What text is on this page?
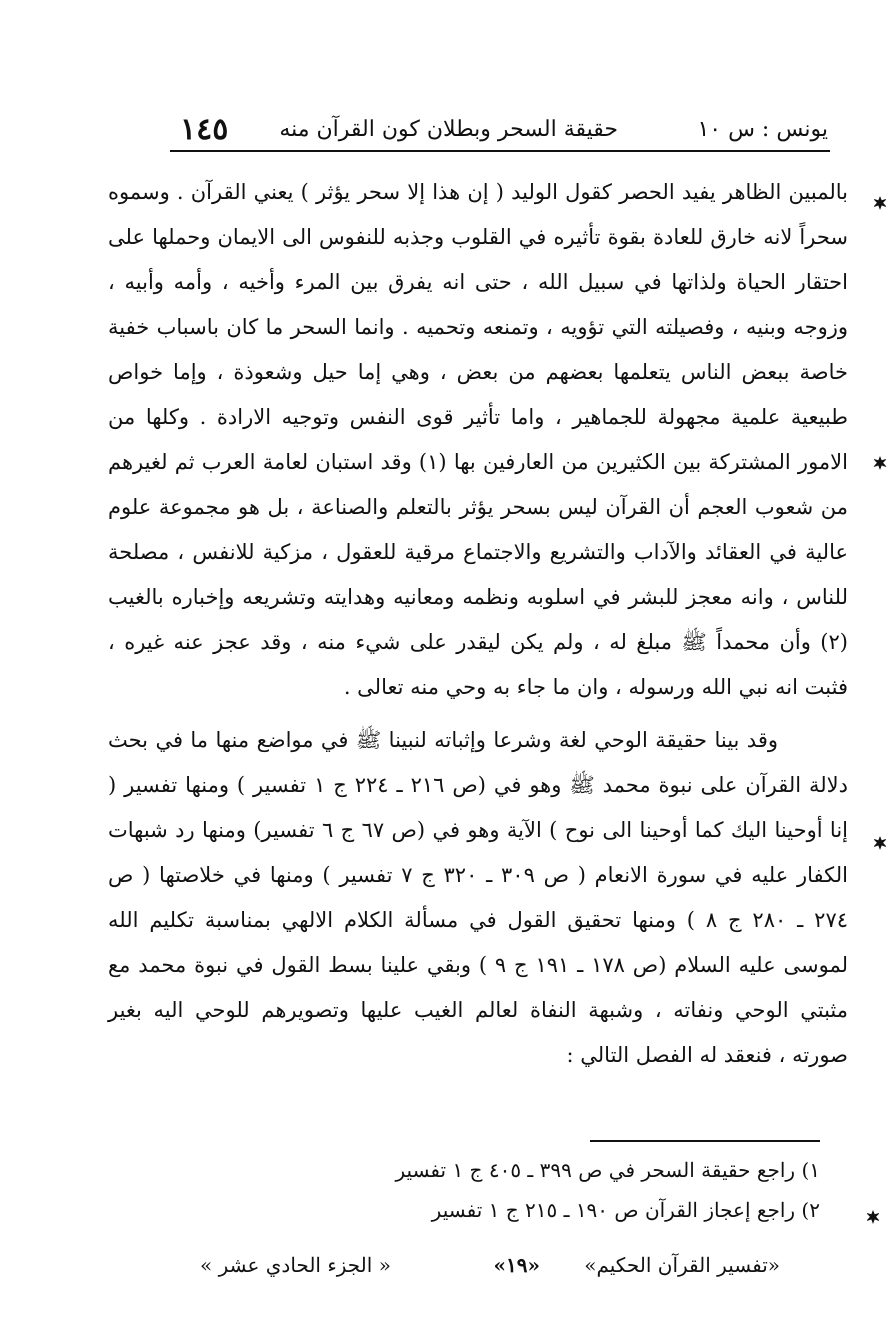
يونس : س ١٠
حقيقة السحر وبطلان كون القرآن منه
١٤٥

بالمبين الظاهر يفيد الحصر كقول الوليد ( إن هذا إلا سحر يؤثر ) يعني القرآن . وسموه سحراً لانه خارق للعادة بقوة تأثيره في القلوب وجذبه للنفوس الى الايمان وحملها على احتقار الحياة ولذاتها في سبيل الله ، حتى انه يفرق بين المرء وأخيه ، وأمه وأبيه ، وزوجه وبنيه ، وفصيلته التي تؤويه ، وتمنعه وتحميه . وانما السحر ما كان باسباب خفية خاصة ببعض الناس يتعلمها بعضهم من بعض ، وهي إما حيل وشعوذة ، وإما خواص طبيعية علمية مجهولة للجماهير ، واما تأثير قوى النفس وتوجيه الارادة . وكلها من الامور المشتركة بين الكثيرين من العارفين بها (١) وقد استبان لعامة العرب ثم لغيرهم من شعوب العجم أن القرآن ليس بسحر يؤثر بالتعلم والصناعة ، بل هو مجموعة علوم عالية في العقائد والآداب والتشريع والاجتماع مرقية للعقول ، مزكية للانفس ، مصلحة للناس ، وانه معجز للبشر في اسلوبه ونظمه ومعانيه وهدايته وتشريعه وإخباره بالغيب (٢) وأن محمداً ﷺ مبلغ له ، ولم يكن ليقدر على شيء منه ، وقد عجز عنه غيره ، فثبت انه نبي الله ورسوله ، وان ما جاء به وحي منه تعالى .

وقد بينا حقيقة الوحي لغة وشرعا وإثباته لنبينا ﷺ في مواضع منها ما في بحث دلالة القرآن على نبوة محمد ﷺ وهو في (ص ٢١٦ ـ ٢٢٤ ج ١ تفسير ) ومنها تفسير ( إنا أوحينا اليك كما أوحينا الى نوح ) الآية وهو في (ص ٦٧ ج ٦ تفسير) ومنها رد شبهات الكفار عليه في سورة الانعام ( ص ٣٠٩ ـ ٣٢٠ ج ٧ تفسير ) ومنها في خلاصتها ( ص ٢٧٤ ـ ٢٨٠ ج ٨ ) ومنها تحقيق القول في مسألة الكلام الالهي بمناسبة تكليم الله لموسى عليه السلام (ص ١٧٨ ـ ١٩١ ج ٩ ) وبقي علينا بسط القول في نبوة محمد مع مثبتي الوحي ونفاته ، وشبهة النفاة لعالم الغيب عليها وتصويرهم للوحي اليه بغير صورته ، فنعقد له الفصل التالي :

١) راجع حقيقة السحر في ص ٣٩٩ ـ ٤٠٥ ج ١ تفسير
٢) راجع إعجاز القرآن ص ١٩٠ ـ ٢١٥ ج ١ تفسير
«تفسير القرآن الحكيم»
«١٩»
« الجزء الحادي عشر »
